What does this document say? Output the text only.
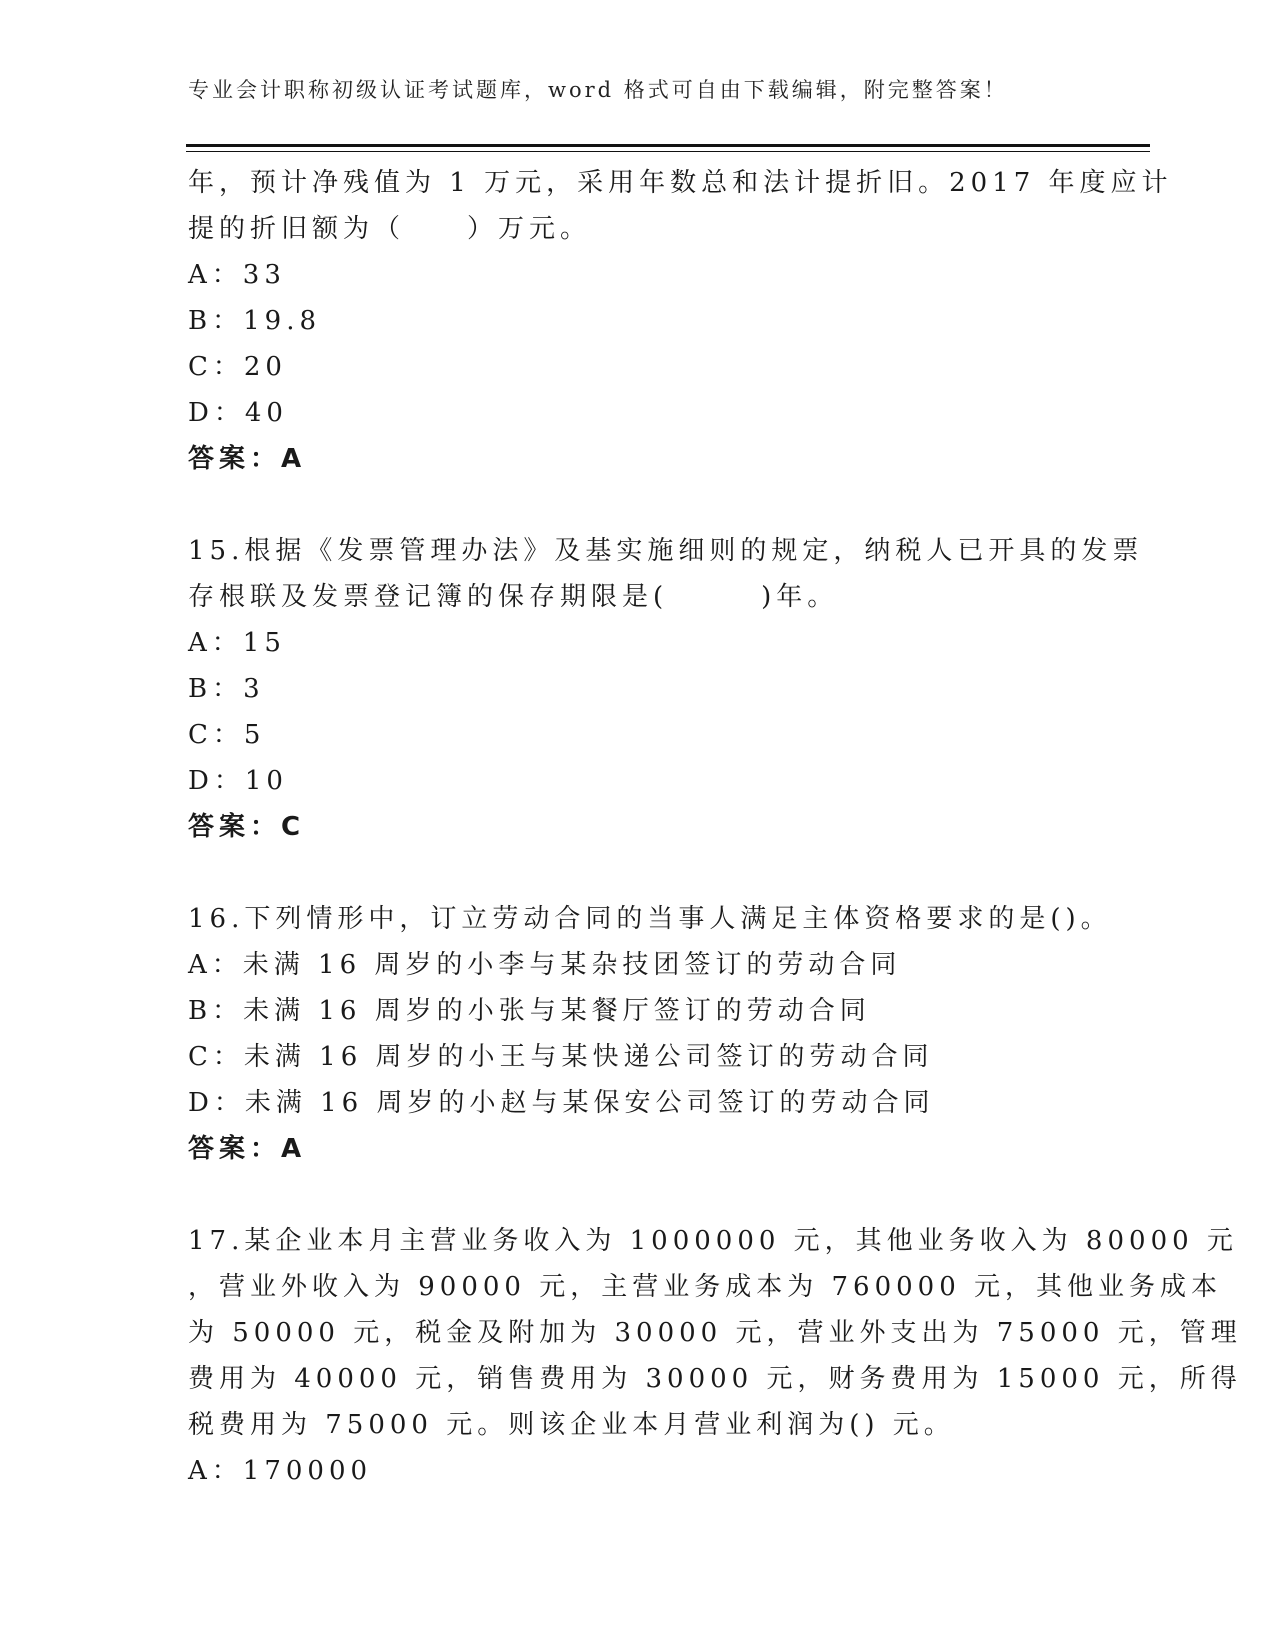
专业会计职称初级认证考试题库，word 格式可自由下载编辑，附完整答案！

年，预计净残值为 1 万元，采用年数总和法计提折旧。2017 年度应计

提的折旧额为（　　）万元。

A：33

B：19.8

C：20

D：40

答案：A

15.根据《发票管理办法》及基实施细则的规定，纳税人已开具的发票

存根联及发票登记簿的保存期限是(　　　)年。

A：15

B：3

C：5

D：10

答案：C

16.下列情形中，订立劳动合同的当事人满足主体资格要求的是()。

A：未满 16 周岁的小李与某杂技团签订的劳动合同

B：未满 16 周岁的小张与某餐厅签订的劳动合同

C：未满 16 周岁的小王与某快递公司签订的劳动合同

D：未满 16 周岁的小赵与某保安公司签订的劳动合同

答案：A

17.某企业本月主营业务收入为 1000000 元，其他业务收入为 80000 元

，营业外收入为 90000 元，主营业务成本为 760000 元，其他业务成本

为 50000 元，税金及附加为 30000 元，营业外支出为 75000 元，管理

费用为 40000 元，销售费用为 30000 元，财务费用为 15000 元，所得

税费用为 75000 元。则该企业本月营业利润为() 元。

A：170000
